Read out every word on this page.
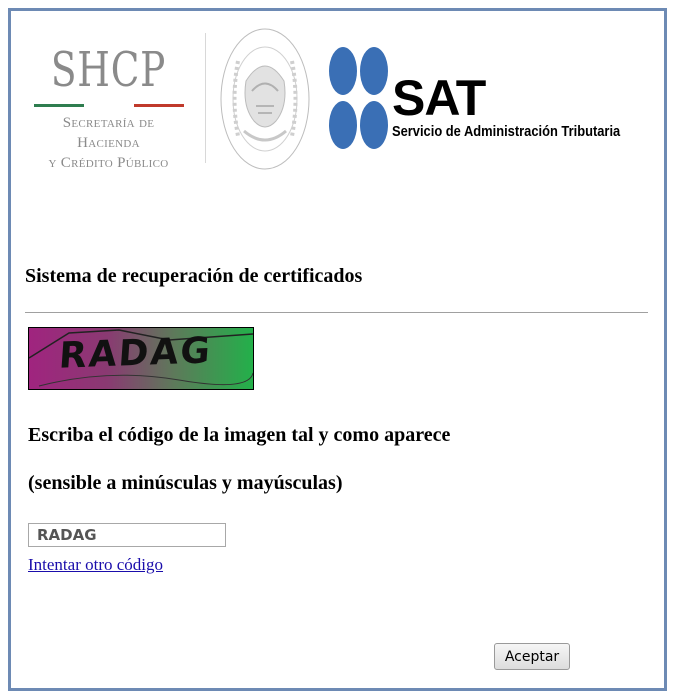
SHCP
Secretaría de Hacienda
y Crédito Público
SAT
Servicio de Administración Tributaria
Sistema de recuperación de certificados
RADAG
Escriba el código de la imagen tal y como aparece
(sensible a minúsculas y mayúsculas)
RADAG
Intentar otro código
Aceptar
